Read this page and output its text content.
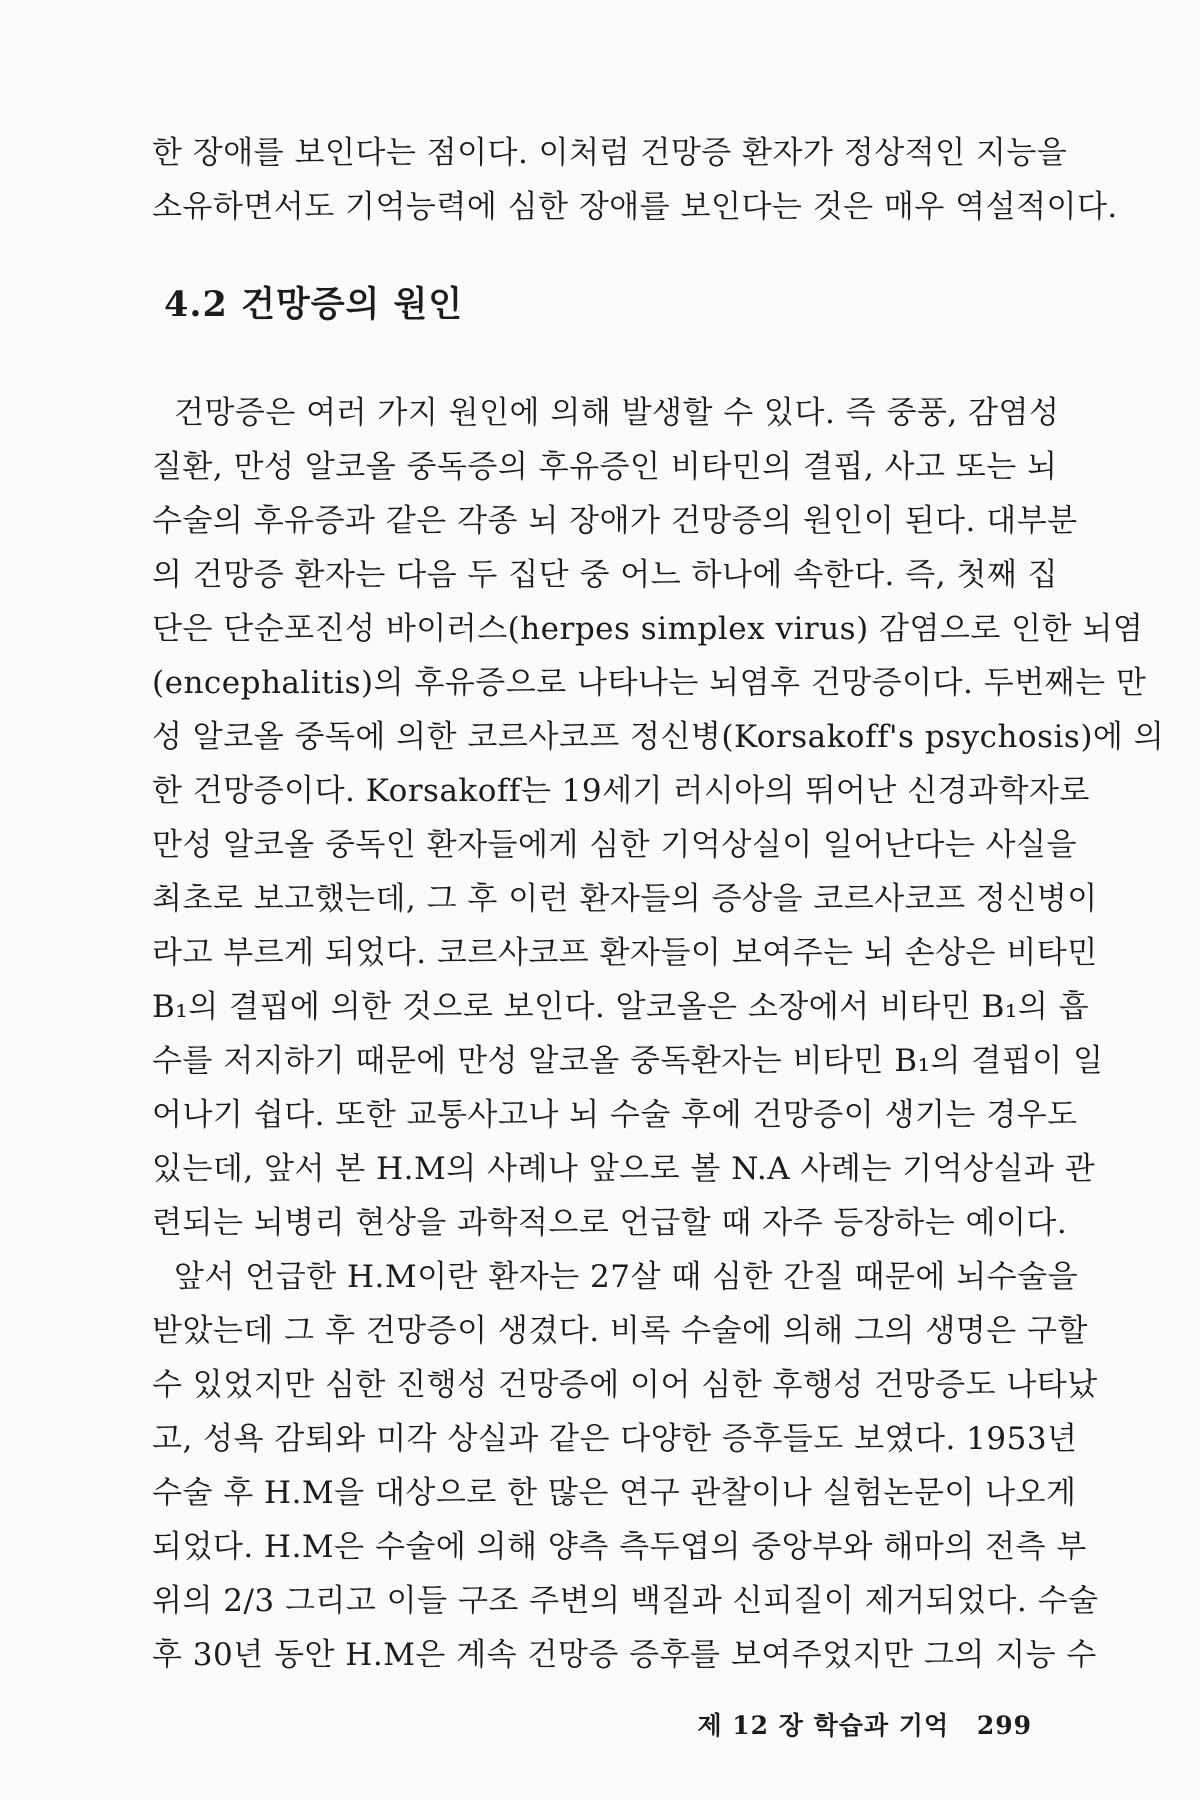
한 장애를 보인다는 점이다. 이처럼 건망증 환자가 정상적인 지능을
소유하면서도 기억능력에 심한 장애를 보인다는 것은 매우 역설적이다.
4.2 건망증의 원인
건망증은 여러 가지 원인에 의해 발생할 수 있다. 즉 중풍, 감염성
질환, 만성 알코올 중독증의 후유증인 비타민의 결핍, 사고 또는 뇌
수술의 후유증과 같은 각종 뇌 장애가 건망증의 원인이 된다. 대부분
의 건망증 환자는 다음 두 집단 중 어느 하나에 속한다. 즉, 첫째 집
단은 단순포진성 바이러스(herpes simplex virus) 감염으로 인한 뇌염
(encephalitis)의 후유증으로 나타나는 뇌염후 건망증이다. 두번째는 만
성 알코올 중독에 의한 코르사코프 정신병(Korsakoff's psychosis)에 의
한 건망증이다. Korsakoff는 19세기 러시아의 뛰어난 신경과학자로
만성 알코올 중독인 환자들에게 심한 기억상실이 일어난다는 사실을
최초로 보고했는데, 그 후 이런 환자들의 증상을 코르사코프 정신병이
라고 부르게 되었다. 코르사코프 환자들이 보여주는 뇌 손상은 비타민
B₁의 결핍에 의한 것으로 보인다. 알코올은 소장에서 비타민 B₁의 흡
수를 저지하기 때문에 만성 알코올 중독환자는 비타민 B₁의 결핍이 일
어나기 쉽다. 또한 교통사고나 뇌 수술 후에 건망증이 생기는 경우도
있는데, 앞서 본 H.M의 사례나 앞으로 볼 N.A 사례는 기억상실과 관
련되는 뇌병리 현상을 과학적으로 언급할 때 자주 등장하는 예이다.
앞서 언급한 H.M이란 환자는 27살 때 심한 간질 때문에 뇌수술을
받았는데 그 후 건망증이 생겼다. 비록 수술에 의해 그의 생명은 구할
수 있었지만 심한 진행성 건망증에 이어 심한 후행성 건망증도 나타났
고, 성욕 감퇴와 미각 상실과 같은 다양한 증후들도 보였다. 1953년
수술 후 H.M을 대상으로 한 많은 연구 관찰이나 실험논문이 나오게
되었다. H.M은 수술에 의해 양측 측두엽의 중앙부와 해마의 전측 부
위의 2/3 그리고 이들 구조 주변의 백질과 신피질이 제거되었다. 수술
후 30년 동안 H.M은 계속 건망증 증후를 보여주었지만 그의 지능 수
제 12 장 학습과 기억 299
